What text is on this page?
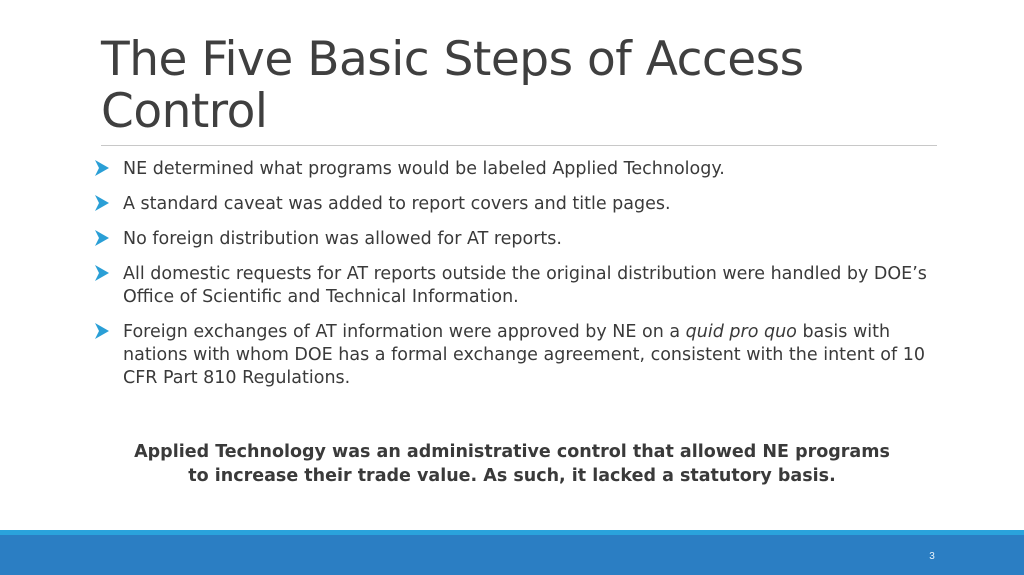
The Five Basic Steps of Access Control
NE determined what programs would be labeled Applied Technology.
A standard caveat was added to report covers and title pages.
No foreign distribution was allowed for AT reports.
All domestic requests for AT reports outside the original distribution were handled by DOE’s Office of Scientific and Technical Information.
Foreign exchanges of AT information were approved by NE on a quid pro quo basis with nations with whom DOE has a formal exchange agreement, consistent with the intent of 10 CFR Part 810 Regulations.
Applied Technology was an administrative control that allowed NE programs
to increase their trade value. As such, it lacked a statutory basis.
3
